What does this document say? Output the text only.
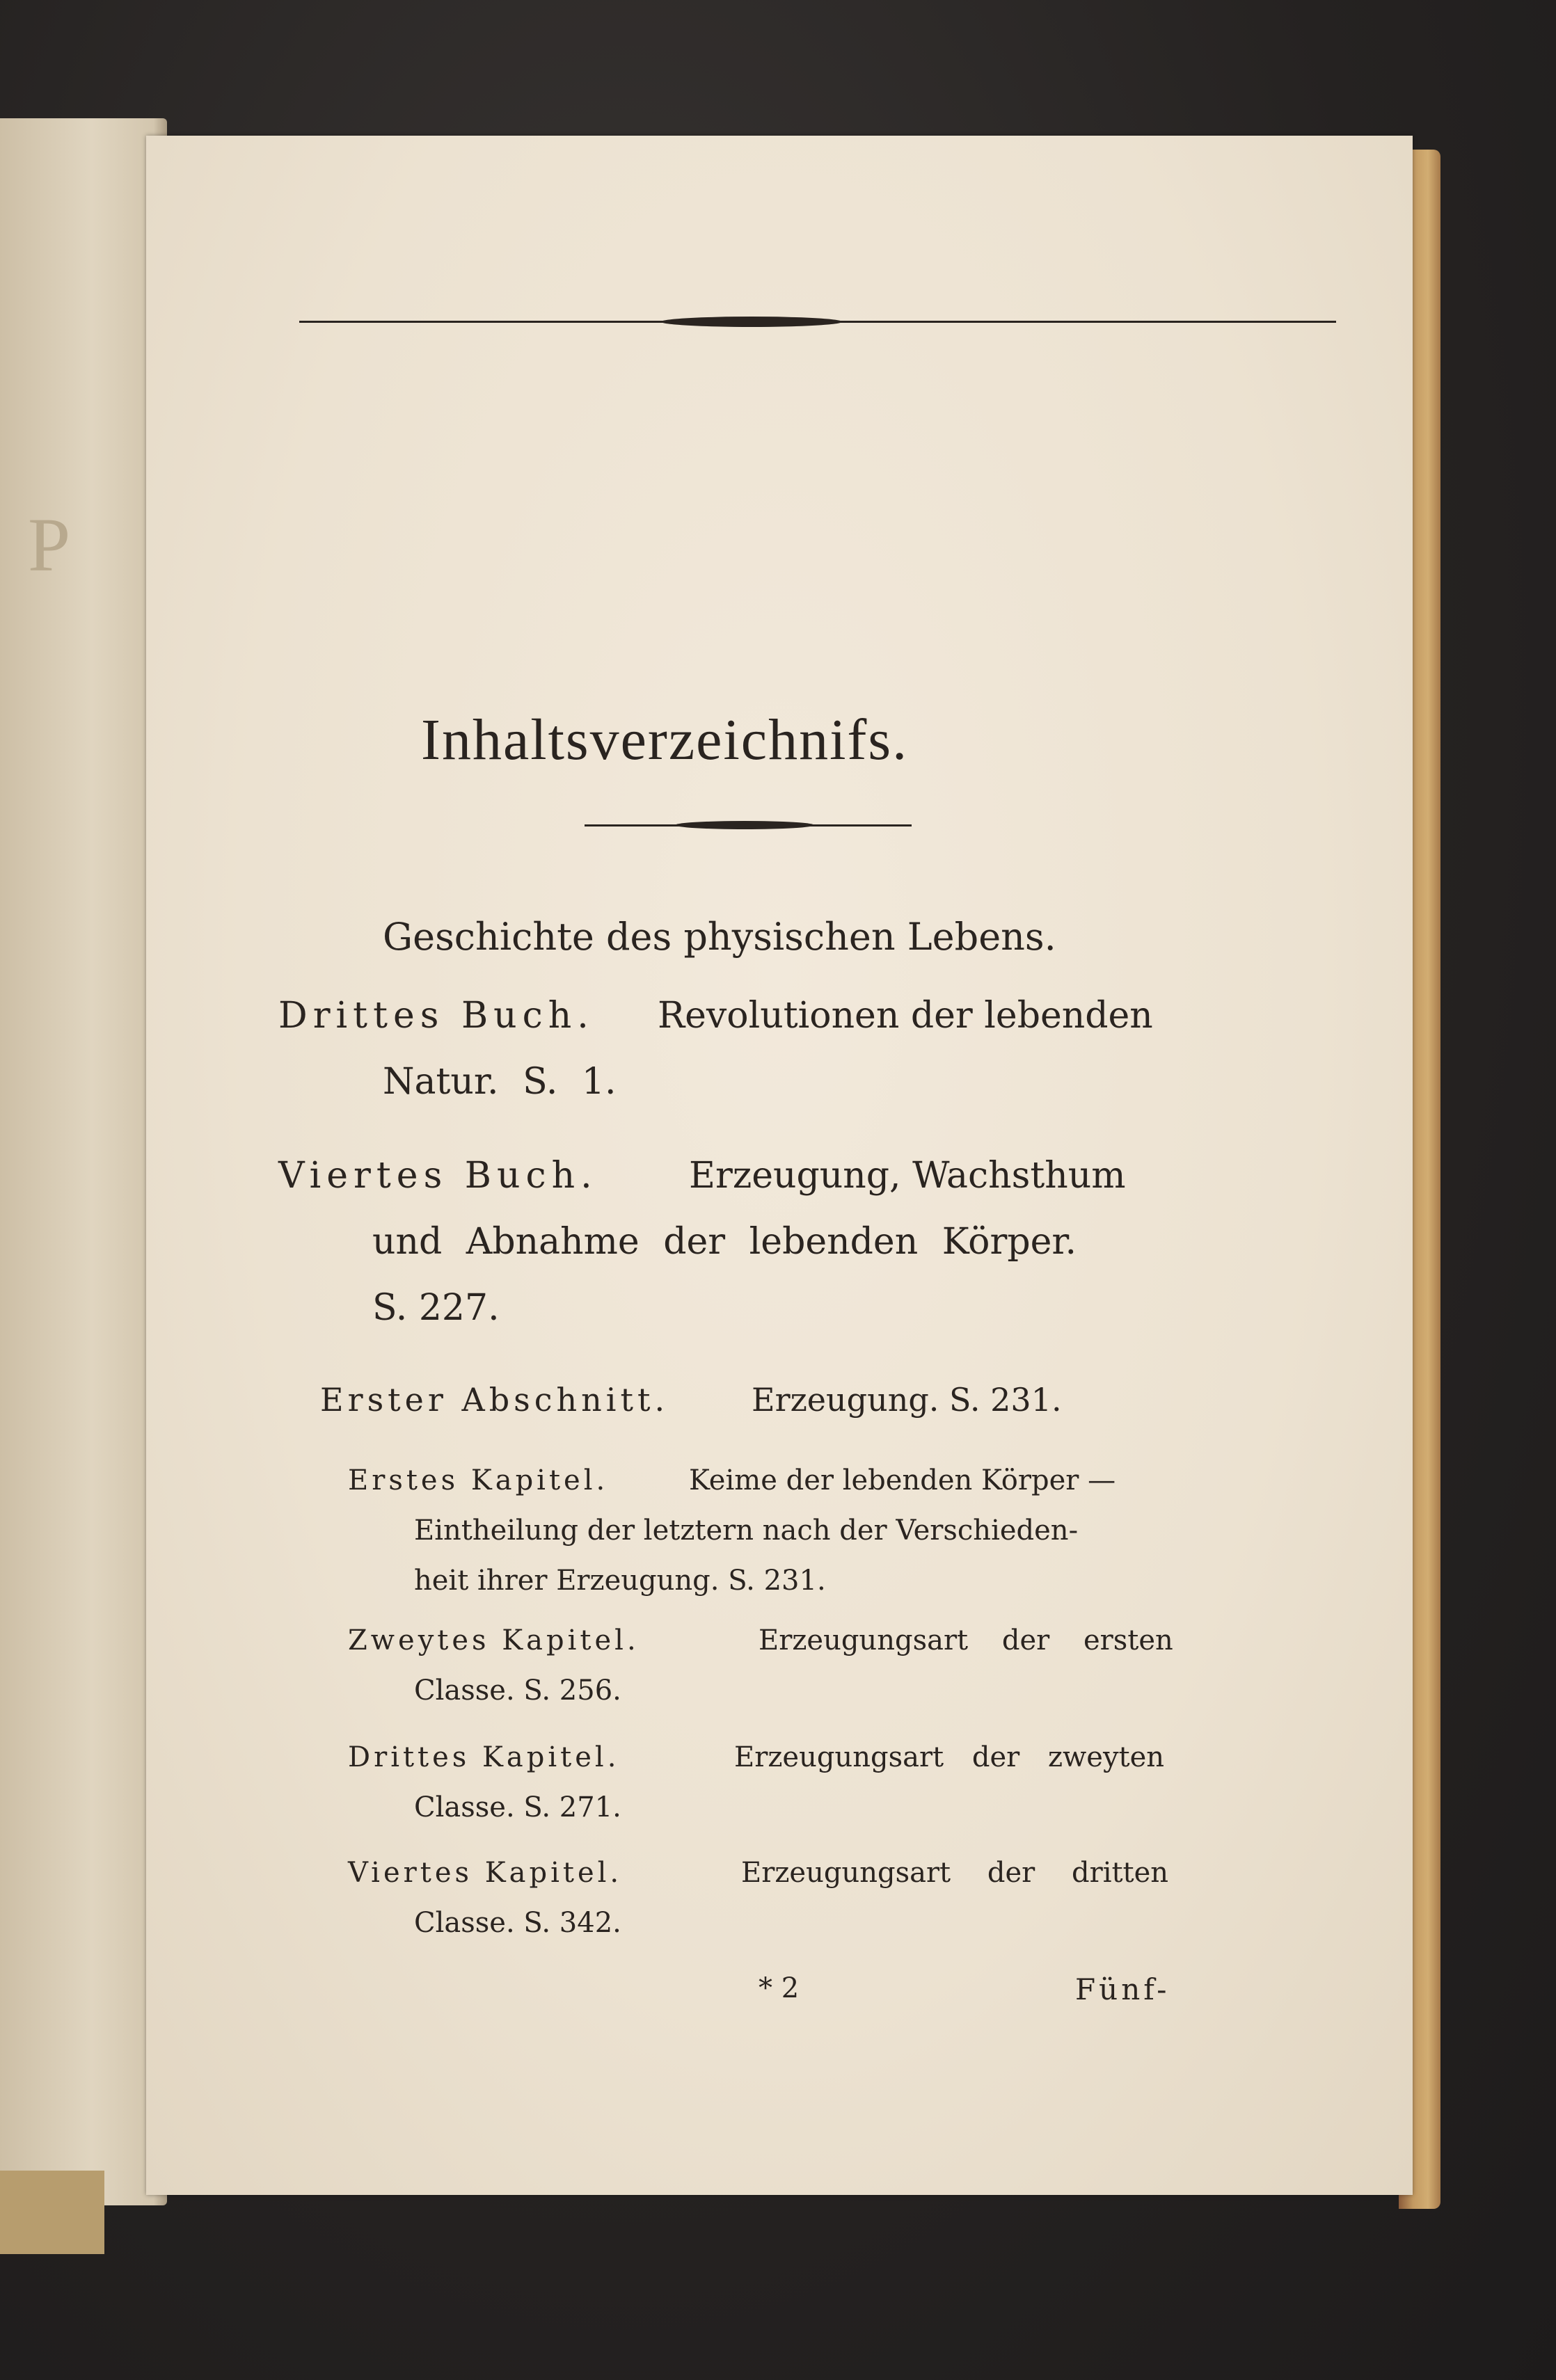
P
Inhaltsverzeichnifs.
Geschichte des physischen Lebens.
Drittes Buch. Revolutionen der lebenden
Natur. S. 1.
Viertes Buch.	Erzeugung, Wachsthum
und Abnahme der lebenden Körper.
S. 227.
Erster Abschnitt.	Erzeugung. S. 231.
Erstes Kapitel.	Keime der lebenden Körper —
Eintheilung der letztern nach der Verschieden-
heit ihrer Erzeugung. S. 231.
Zweytes Kapitel.	Erzeugungsart der ersten
Classe. S. 256.
Drittes Kapitel.	Erzeugungsart der zweyten
Classe. S. 271.
Viertes Kapitel.	Erzeugungsart der dritten
Classe. S. 342.
* 2	Fünf-
